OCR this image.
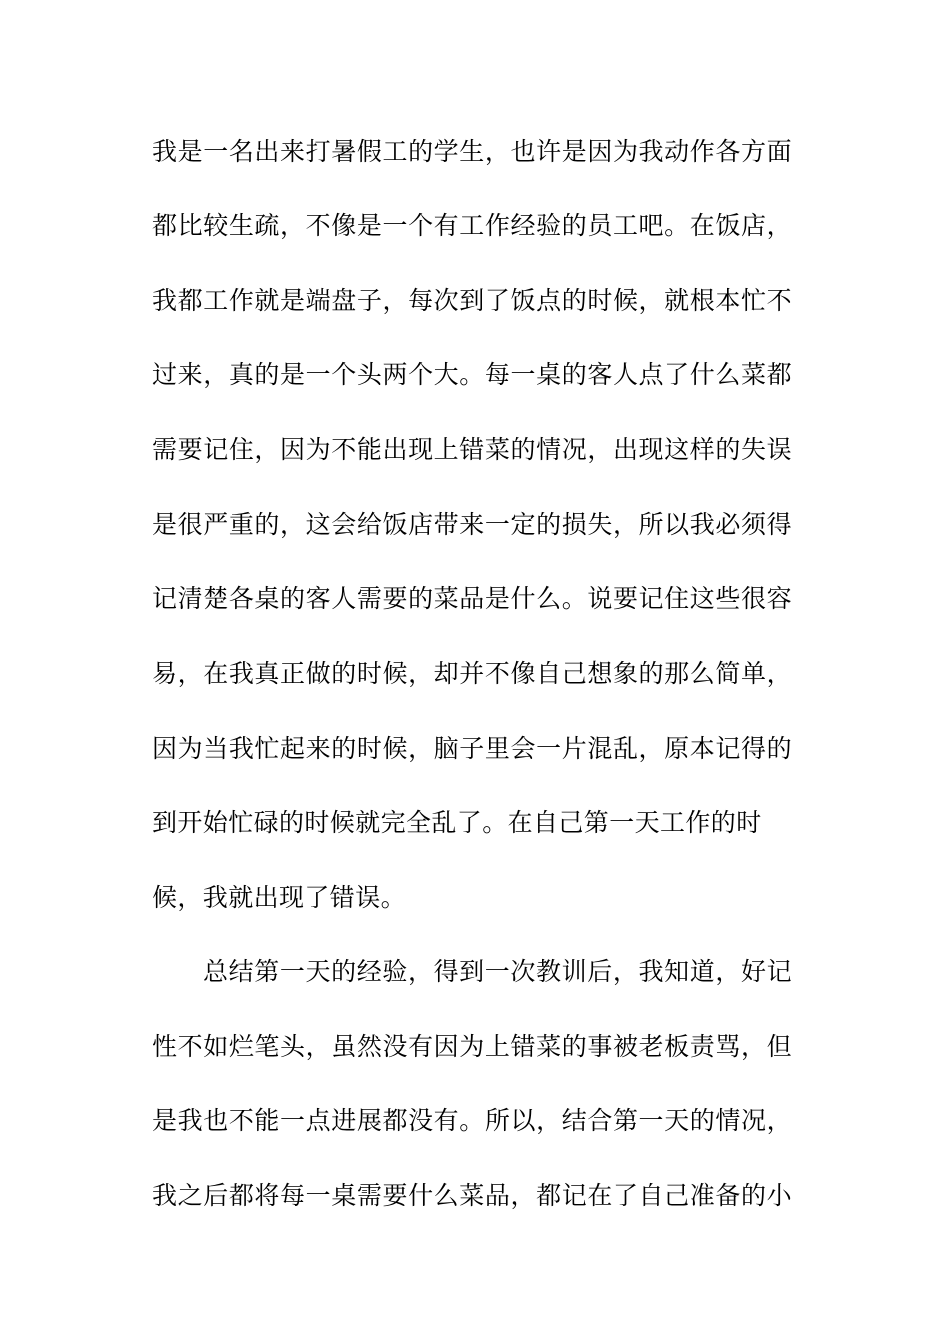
我是一名出来打暑假工的学生，也许是因为我动作各方面
都比较生疏，不像是一个有工作经验的员工吧。在饭店，
我都工作就是端盘子，每次到了饭点的时候，就根本忙不
过来，真的是一个头两个大。每一桌的客人点了什么菜都
需要记住，因为不能出现上错菜的情况，出现这样的失误
是很严重的，这会给饭店带来一定的损失，所以我必须得
记清楚各桌的客人需要的菜品是什么。说要记住这些很容
易，在我真正做的时候，却并不像自己想象的那么简单，
因为当我忙起来的时候，脑子里会一片混乱，原本记得的
到开始忙碌的时候就完全乱了。在自己第一天工作的时
候，我就出现了错误。
总结第一天的经验，得到一次教训后，我知道，好记
性不如烂笔头，虽然没有因为上错菜的事被老板责骂，但
是我也不能一点进展都没有。所以，结合第一天的情况，
我之后都将每一桌需要什么菜品，都记在了自己准备的小
